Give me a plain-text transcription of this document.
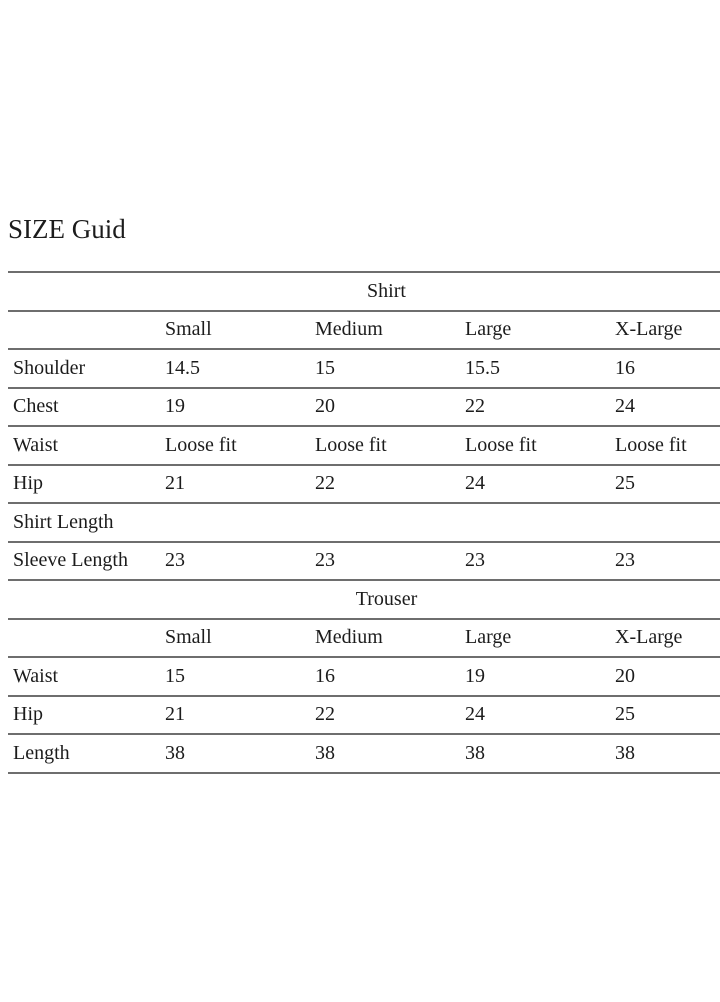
SIZE Guid
Shirt				
	Small	Medium	Large	X-Large
Shoulder	14.5	15	15.5	16
Chest	19	20	22	24
Waist	Loose fit	Loose fit	Loose fit	Loose fit
Hip	21	22	24	25
Shirt Length				
Sleeve Length	23	23	23	23
Trouser				
	Small	Medium	Large	X-Large
Waist	15	16	19	20
Hip	21	22	24	25
Length	38	38	38	38
